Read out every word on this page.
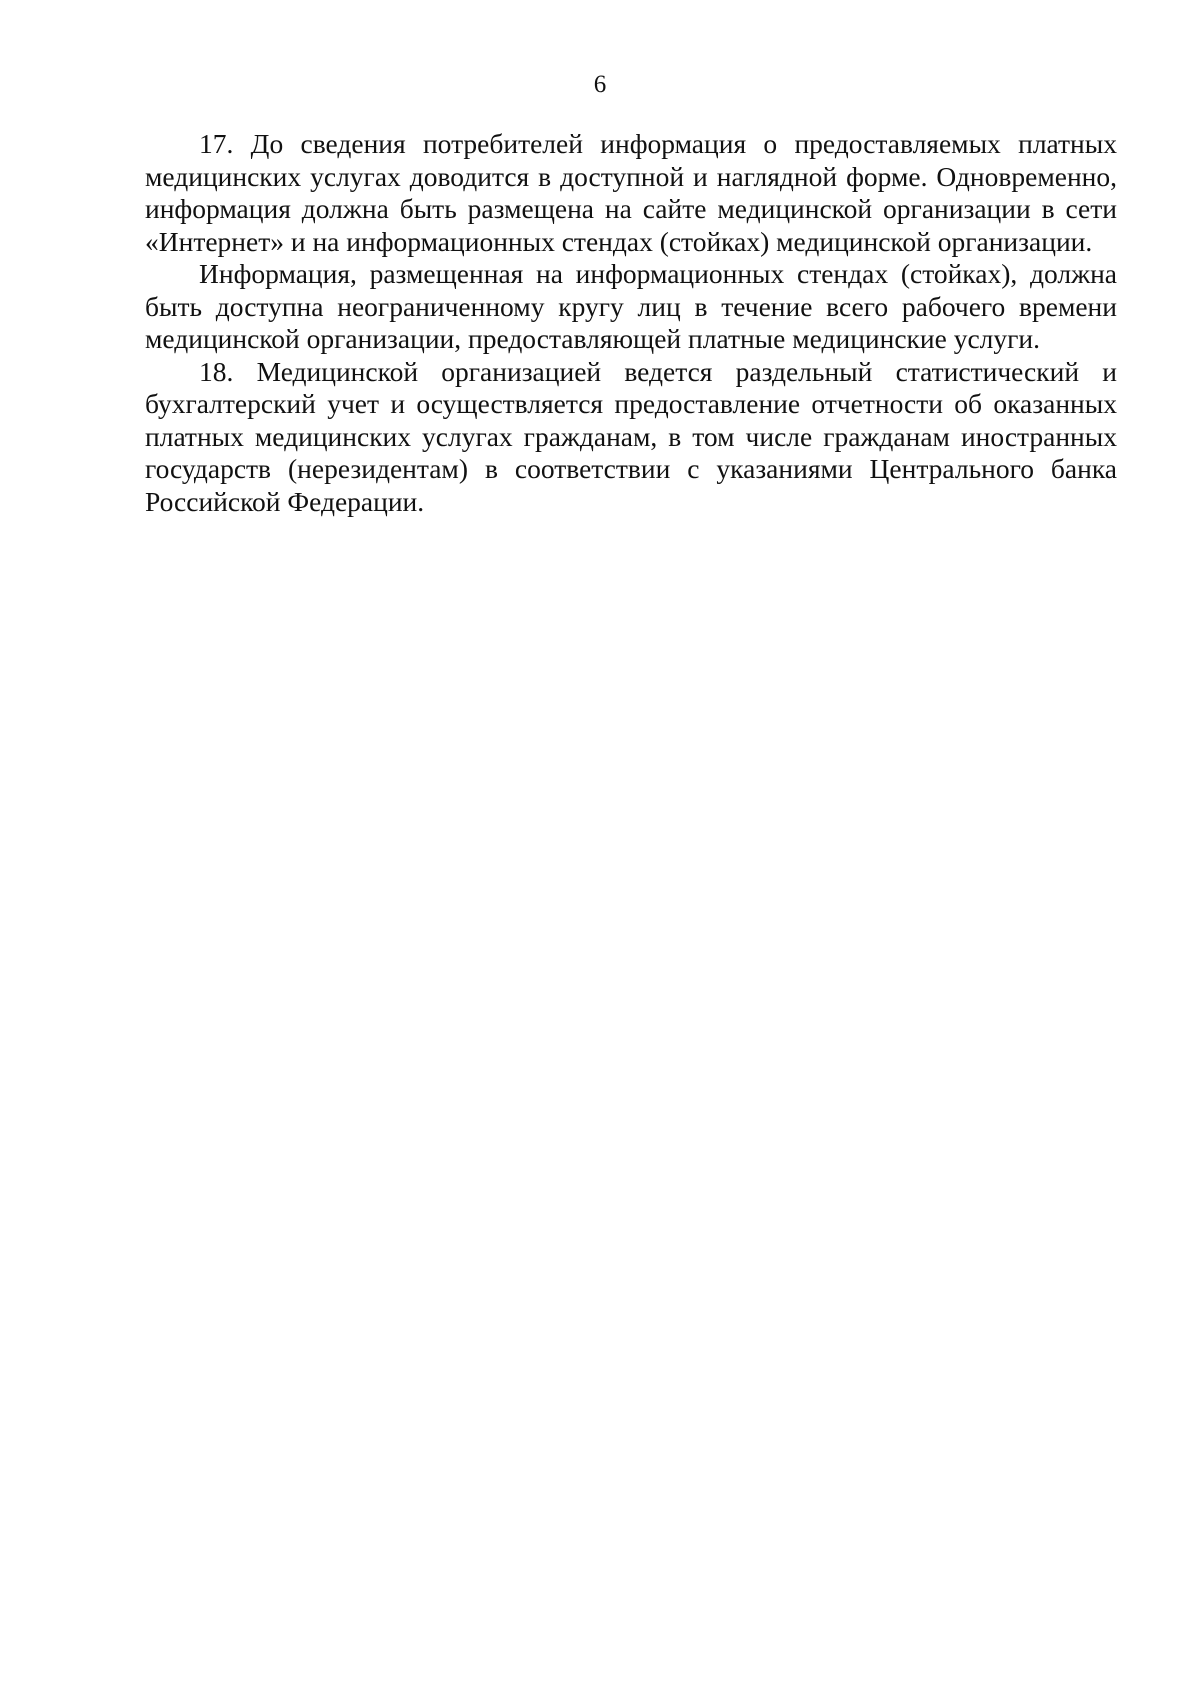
6

17. До сведения потребителей информация о предоставляемых платных медицинских услугах доводится в доступной и наглядной форме. Одновременно, информация должна быть размещена на сайте медицинской организации в сети «Интернет» и на информационных стендах (стойках) медицинской организации.

Информация, размещенная на информационных стендах (стойках), должна быть доступна неограниченному кругу лиц в течение всего рабочего времени медицинской организации, предоставляющей платные медицинские услуги.

18. Медицинской организацией ведется раздельный статистический и бухгалтерский учет и осуществляется предоставление отчетности об оказанных платных медицинских услугах гражданам, в том числе гражданам иностранных государств (нерезидентам) в соответствии с указаниями Центрального банка Российской Федерации.
